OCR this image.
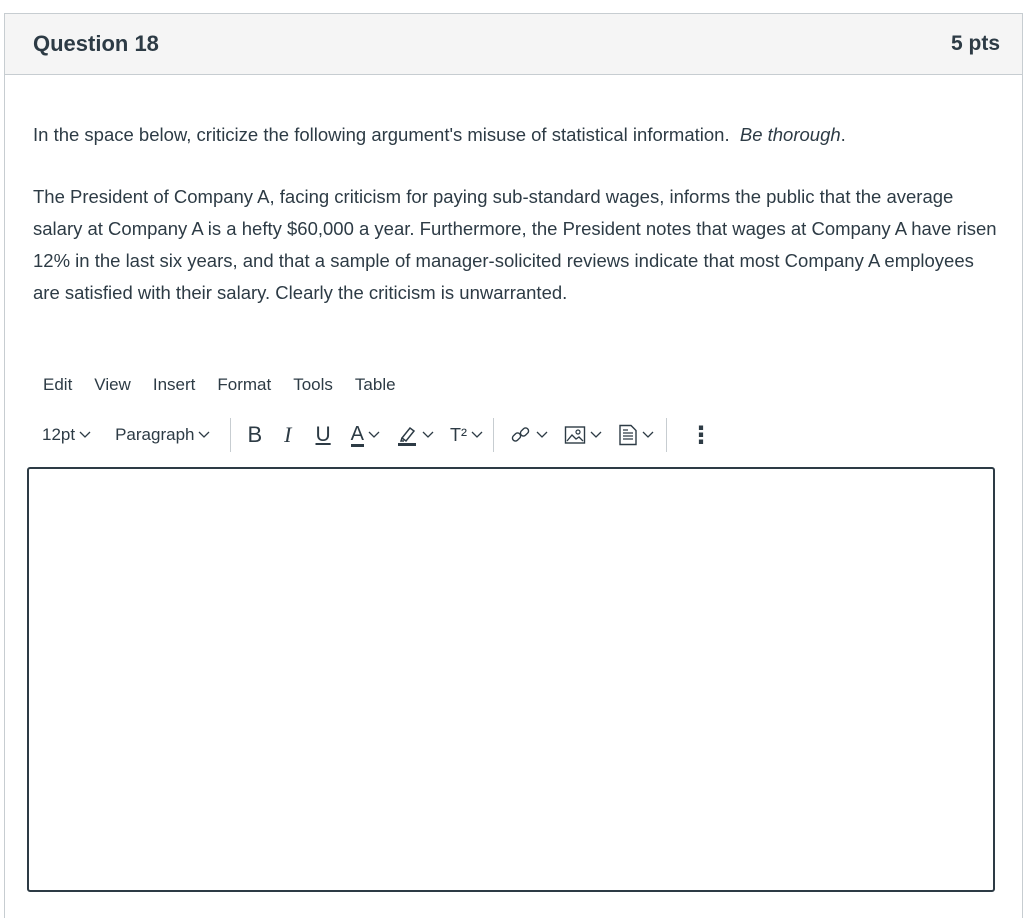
Question 18	5 pts

In the space below, criticize the following argument's misuse of statistical information. Be thorough.

The President of Company A, facing criticism for paying sub-standard wages, informs the public that the average salary at Company A is a hefty $60,000 a year. Furthermore, the President notes that wages at Company A have risen 12% in the last six years, and that a sample of manager-solicited reviews indicate that most Company A employees are satisfied with their salary. Clearly the criticism is unwarranted.

Edit	View	Insert	Format	Tools	Table
12pt Paragraph B I U A	T²	⋮
